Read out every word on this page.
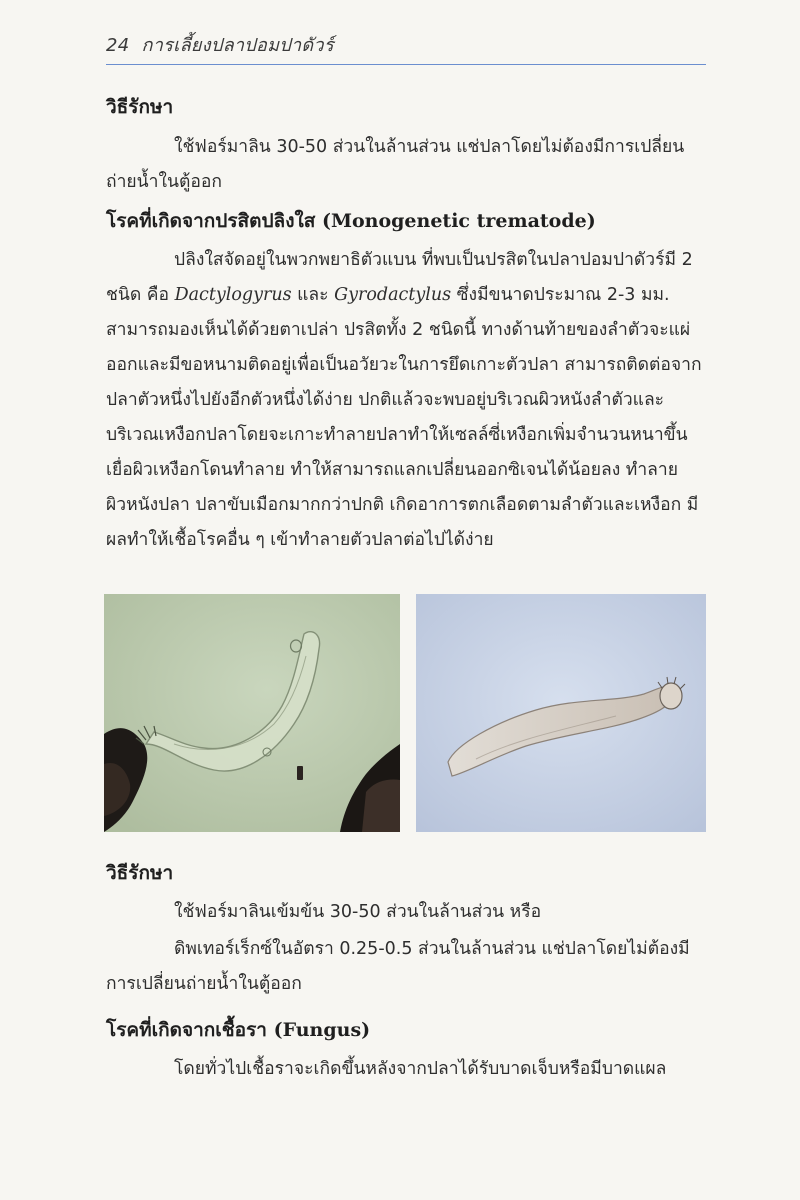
24 การเลี้ยงปลาปอมปาดัวร์
วิธีรักษา
ใช้ฟอร์มาลิน 30-50 ส่วนในล้านส่วน แช่ปลาโดยไม่ต้องมีการเปลี่ยนถ่ายน้ำในตู้ออก
โรคที่เกิดจากปรสิตปลิงใส (Monogenetic trematode)
ปลิงใสจัดอยู่ในพวกพยาธิตัวแบน ที่พบเป็นปรสิตในปลาปอมปาดัวร์มี 2 ชนิด คือ Dactylogyrus และ Gyrodactylus ซึ่งมีขนาดประมาณ 2-3 มม. สามารถมองเห็นได้ด้วยตาเปล่า ปรสิตทั้ง 2 ชนิดนี้ ทางด้านท้ายของลำตัวจะแผ่ออกและมีขอหนามติดอยู่เพื่อเป็นอวัยวะในการยึดเกาะตัวปลา สามารถติดต่อจากปลาตัวหนึ่งไปยังอีกตัวหนึ่งได้ง่าย ปกติแล้วจะพบอยู่บริเวณผิวหนังลำตัวและบริเวณเหงือกปลาโดยจะเกาะทำลายปลาทำให้เซลล์ซี่เหงือกเพิ่มจำนวนหนาขึ้น เยื่อผิวเหงือกโดนทำลาย ทำให้สามารถแลกเปลี่ยนออกซิเจนได้น้อยลง ทำลายผิวหนังปลา ปลาขับเมือกมากกว่าปกติ เกิดอาการตกเลือดตามลำตัวและเหงือก มีผลทำให้เชื้อโรคอื่น ๆ เข้าทำลายตัวปลาต่อไปได้ง่าย
วิธีรักษา
ใช้ฟอร์มาลินเข้มข้น 30-50 ส่วนในล้านส่วน หรือ
ดิพเทอร์เร็กซ์ในอัตรา 0.25-0.5 ส่วนในล้านส่วน แช่ปลาโดยไม่ต้องมีการเปลี่ยนถ่ายน้ำในตู้ออก
โรคที่เกิดจากเชื้อรา (Fungus)
โดยทั่วไปเชื้อราจะเกิดขึ้นหลังจากปลาได้รับบาดเจ็บหรือมีบาดแผล
